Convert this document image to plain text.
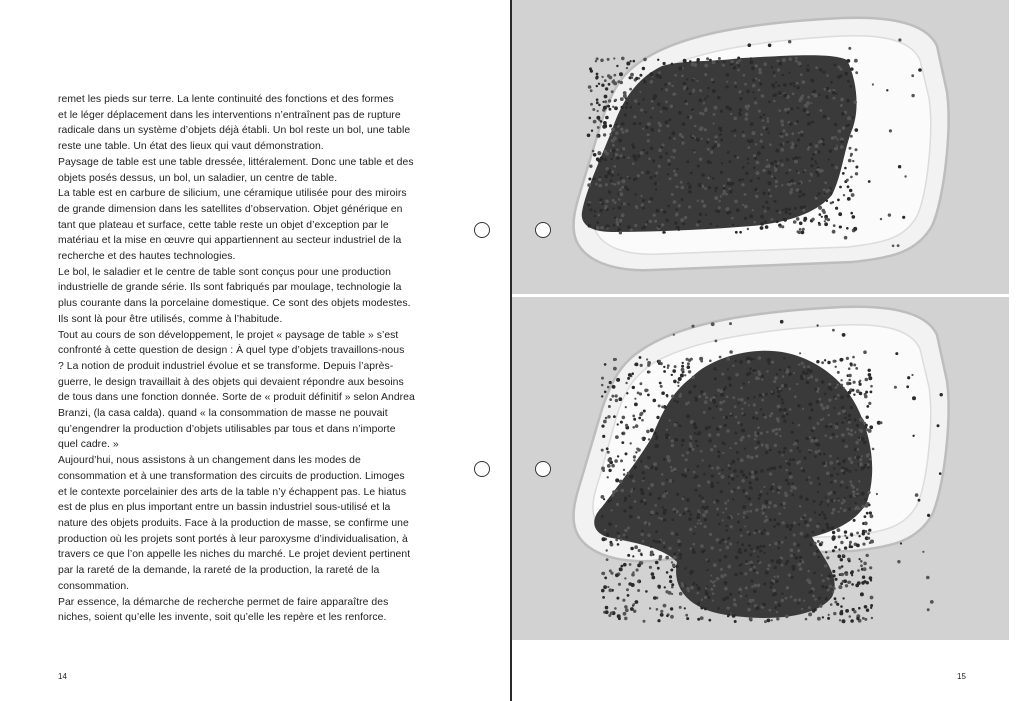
remet les pieds sur terre. La lente continuité des fonctions et des formes
et le léger déplacement dans les interventions n’entraînent pas de rupture
radicale dans un système d’objets déjà établi. Un bol reste un bol, une table
reste une table. Un état des lieux qui vaut démonstration.
Paysage de table est une table dressée, littéralement. Donc une table et des
objets posés dessus, un bol, un saladier, un centre de table.
La table est en carbure de silicium, une céramique utilisée pour des miroirs
de grande dimension dans les satellites d’observation. Objet générique en
tant que plateau et surface, cette table reste un objet d’exception par le
matériau et la mise en œuvre qui appartiennent au secteur industriel de la
recherche et des hautes technologies.
Le bol, le saladier et le centre de table sont conçus pour une production
industrielle de grande série. Ils sont fabriqués par moulage, technologie la
plus courante dans la porcelaine domestique. Ce sont des objets modestes.
Ils sont là pour être utilisés, comme à l’habitude.
Tout au cours de son développement, le projet « paysage de table » s’est
confronté à cette question de design : À quel type d’objets travaillons-nous
? La notion de produit industriel évolue et se transforme. Depuis l’après-
guerre, le design travaillait à des objets qui devaient répondre aux besoins
de tous dans une fonction donnée. Sorte de « produit définitif » selon Andrea
Branzi, (la casa calda). quand « la consommation de masse ne pouvait
qu’engendrer la production d’objets utilisables par tous et dans n’importe
quel cadre. »
Aujourd’hui, nous assistons à un changement dans les modes de
consommation et à une transformation des circuits de production. Limoges
et le contexte porcelainier des arts de la table n’y échappent pas. Le hiatus
est de plus en plus important entre un bassin industriel sous-utilisé et la
nature des objets produits. Face à la production de masse, se confirme une
production où les projets sont portés à leur paroxysme d’individualisation, à
travers ce que l’on appelle les niches du marché. Le projet devient pertinent
par la rareté de la demande, la rareté de la production, la rareté de la
consommation.
Par essence, la démarche de recherche permet de faire apparaître des
niches, soient qu’elle les invente, soit qu’elle les repère et les renforce.
14	15
